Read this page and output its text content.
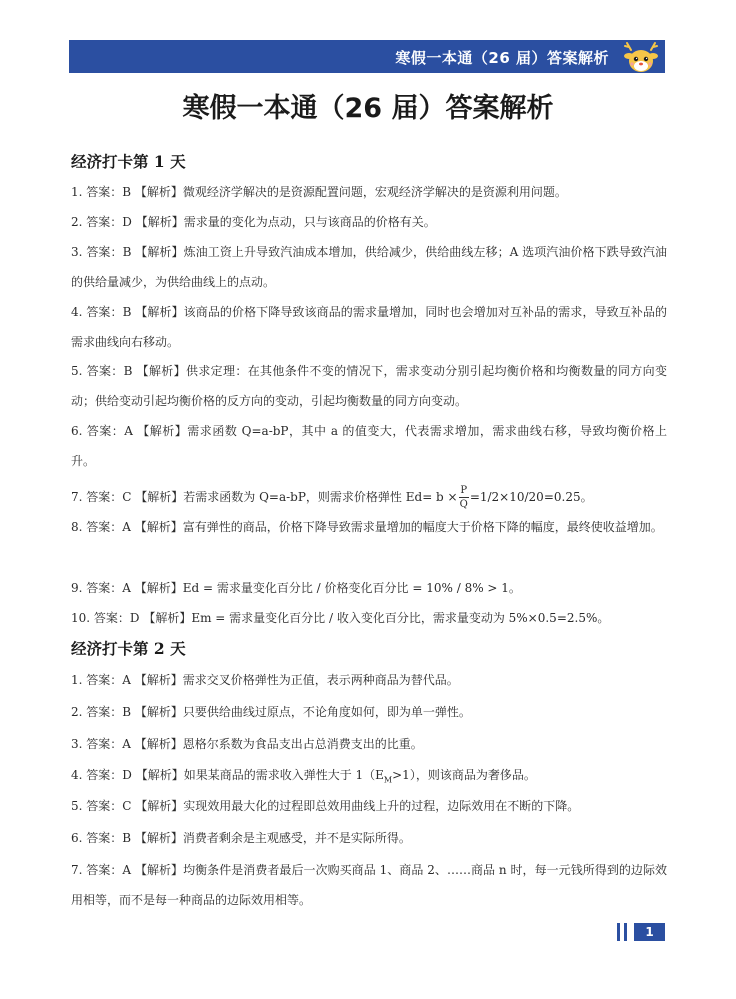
寒假一本通（26 届）答案解析
寒假一本通（26 届）答案解析
经济打卡第 1 天
1. 答案：B 【解析】微观经济学解决的是资源配置问题，宏观经济学解决的是资源利用问题。
2. 答案：D 【解析】需求量的变化为点动，只与该商品的价格有关。
3. 答案：B 【解析】炼油工资上升导致汽油成本增加，供给减少，供给曲线左移；A 选项汽油价格下跌导致汽油的供给量减少，为供给曲线上的点动。
4. 答案：B 【解析】该商品的价格下降导致该商品的需求量增加，同时也会增加对互补品的需求，导致互补品的需求曲线向右移动。
5. 答案：B 【解析】供求定理：在其他条件不变的情况下，需求变动分别引起均衡价格和均衡数量的同方向变动；供给变动引起均衡价格的反方向的变动，引起均衡数量的同方向变动。
6. 答案：A 【解析】需求函数 Q=a-bP，其中 a 的值变大，代表需求增加，需求曲线右移，导致均衡价格上升。
7. 答案：C 【解析】若需求函数为 Q=a-bP，则需求价格弹性 $Ed= b \times \frac{P}{Q} =1/2\times 10/20=0.25$。
8. 答案：A 【解析】富有弹性的商品，价格下降导致需求量增加的幅度大于价格下降的幅度，最终使收益增加。
9. 答案：A 【解析】Ed = 需求量变化百分比 / 价格变化百分比 = 10% / 8% > 1。
10. 答案：D 【解析】Em = 需求量变化百分比 / 收入变化百分比，需求量变动为 5%×0.5=2.5%。
经济打卡第 2 天
1. 答案：A 【解析】需求交叉价格弹性为正值，表示两种商品为替代品。
2. 答案：B 【解析】只要供给曲线过原点，不论角度如何，即为单一弹性。
3. 答案：A 【解析】恩格尔系数为食品支出占总消费支出的比重。
4. 答案：D 【解析】如果某商品的需求收入弹性大于 $1(E_M>1)$，则该商品为奢侈品。
5. 答案：C 【解析】实现效用最大化的过程即总效用曲线上升的过程，边际效用在不断的下降。
6. 答案：B 【解析】消费者剩余是主观感受，并不是实际所得。
7. 答案：A 【解析】均衡条件是消费者最后一次购买商品 1、商品 2、……商品 n 时，每一元钱所得到的边际效用相等，而不是每一种商品的边际效用相等。
1
